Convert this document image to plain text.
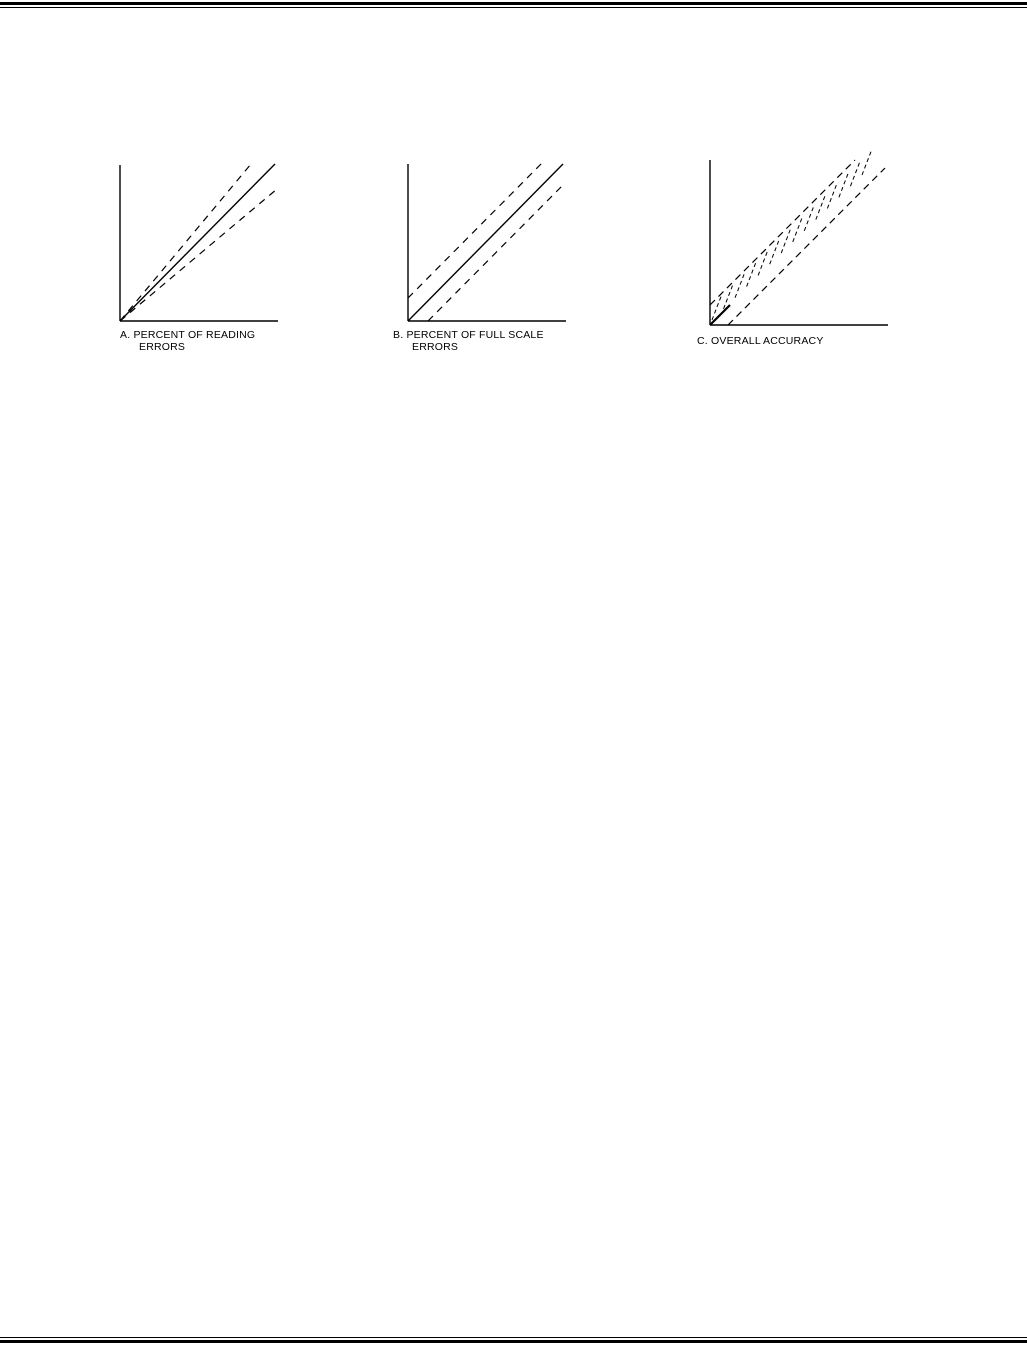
A. PERCENT OF READING
ERRORS
B. PERCENT OF FULL SCALE
ERRORS	C. OVERALL ACCURACY
